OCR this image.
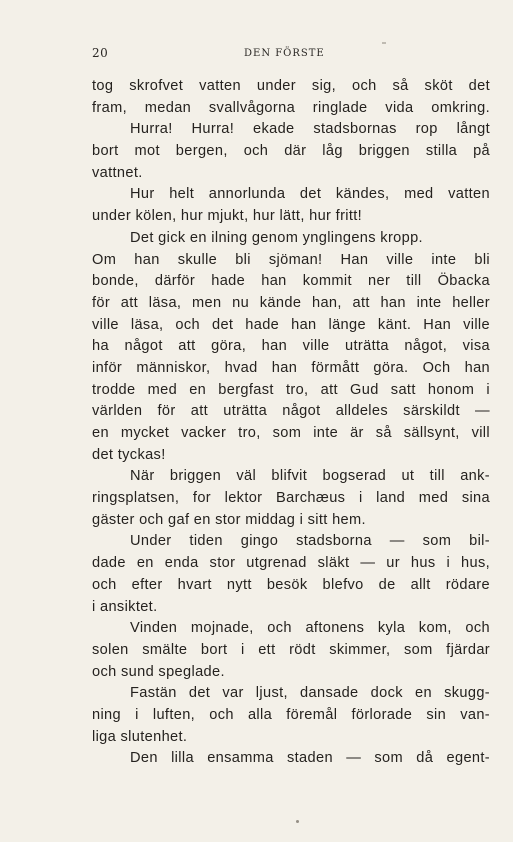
20	DEN FÖRSTE
tog skrofvet vatten under sig, och så sköt det
fram, medan svallvågorna ringlade vida omkring.
Hurra! Hurra! ekade stadsbornas rop långt
bort mot bergen, och där låg briggen stilla på
vattnet.
Hur helt annorlunda det kändes, med vatten
under kölen, hur mjukt, hur lätt, hur fritt!
Det gick en ilning genom ynglingens kropp.
Om han skulle bli sjöman! Han ville inte bli
bonde, därför hade han kommit ner till Öbacka
för att läsa, men nu kände han, att han inte heller
ville läsa, och det hade han länge känt. Han ville
ha något att göra, han ville uträtta något, visa
inför människor, hvad han förmått göra. Och han
trodde med en bergfast tro, att Gud satt honom i
världen för att uträtta något alldeles särskildt —
en mycket vacker tro, som inte är så sällsynt, vill
det tyckas!
När briggen väl blifvit bogserad ut till ank-
ringsplatsen, for lektor Barchæus i land med sina
gäster och gaf en stor middag i sitt hem.
Under tiden gingo stadsborna — som bil-
dade en enda stor utgrenad släkt — ur hus i hus,
och efter hvart nytt besök blefvo de allt rödare
i ansiktet.
Vinden mojnade, och aftonens kyla kom, och
solen smälte bort i ett rödt skimmer, som fjärdar
och sund speglade.
Fastän det var ljust, dansade dock en skugg-
ning i luften, och alla föremål förlorade sin van-
liga slutenhet.
Den lilla ensamma staden — som då egent-
